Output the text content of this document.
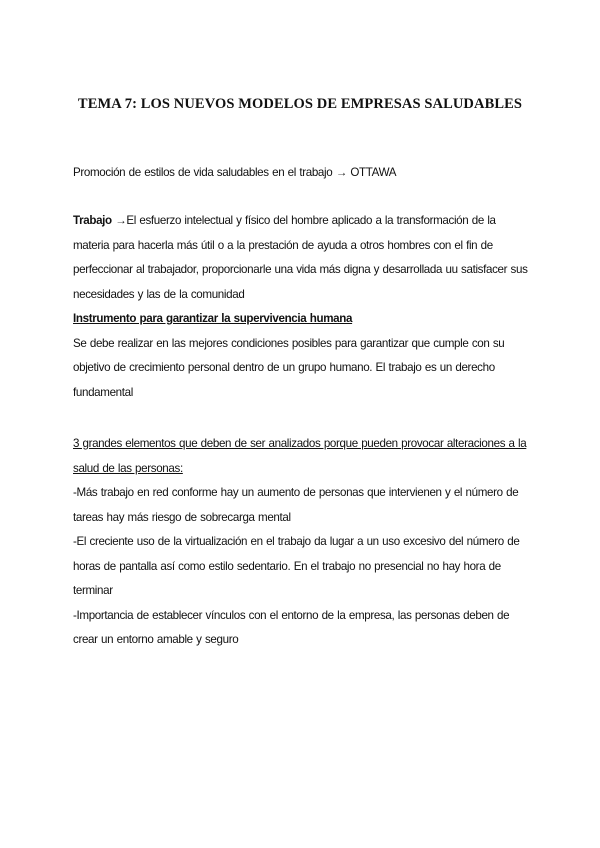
TEMA 7: LOS NUEVOS MODELOS DE EMPRESAS SALUDABLES

Promoción de estilos de vida saludables en el trabajo → OTTAWA

Trabajo →El esfuerzo intelectual y físico del hombre aplicado a la transformación de la materia para hacerla más útil o a la prestación de ayuda a otros hombres con el fin de perfeccionar al trabajador, proporcionarle una vida más digna y desarrollada uu satisfacer sus necesidades y las de la comunidad

Instrumento para garantizar la supervivencia humana
Se debe realizar en las mejores condiciones posibles para garantizar que cumple con su objetivo de crecimiento personal dentro de un grupo humano. El trabajo es un derecho fundamental

3 grandes elementos que deben de ser analizados porque pueden provocar alteraciones a la salud de las personas:
-Más trabajo en red conforme hay un aumento de personas que intervienen y el número de tareas hay más riesgo de sobrecarga mental
-El creciente uso de la virtualización en el trabajo da lugar a un uso excesivo del número de horas de pantalla así como estilo sedentario. En el trabajo no presencial no hay hora de terminar
-Importancia de establecer vínculos con el entorno de la empresa, las personas deben de crear un entorno amable y seguro
